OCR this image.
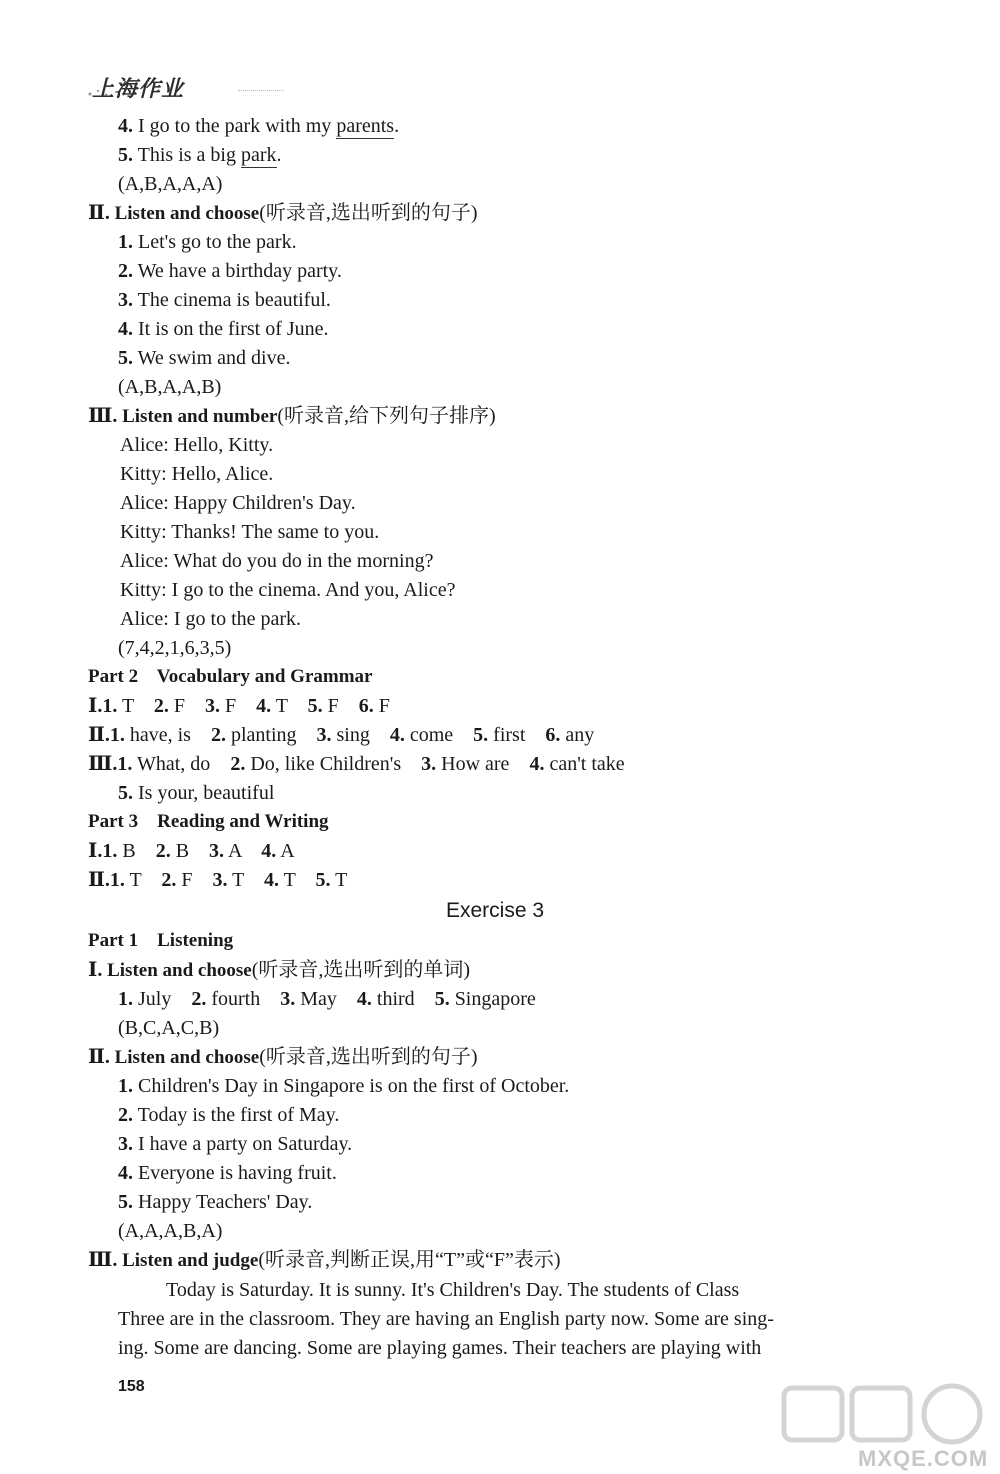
上海作业
4. I go to the park with my parents.
5. This is a big park.
(A,B,A,A,A)
Ⅱ. Listen and choose(听录音,选出听到的句子)
1. Let's go to the park.
2. We have a birthday party.
3. The cinema is beautiful.
4. It is on the first of June.
5. We swim and dive.
(A,B,A,A,B)
Ⅲ. Listen and number(听录音,给下列句子排序)
Alice: Hello, Kitty.
Kitty: Hello, Alice.
Alice: Happy Children's Day.
Kitty: Thanks! The same to you.
Alice: What do you do in the morning?
Kitty: I go to the cinema. And you, Alice?
Alice: I go to the park.
(7,4,2,1,6,3,5)
Part 2    Vocabulary and Grammar
Ⅰ.1. T    2. F    3. F    4. T    5. F    6. F
Ⅱ.1. have, is    2. planting    3. sing    4. come    5. first    6. any
Ⅲ.1. What, do    2. Do, like Children's    3. How are    4. can't take
5. Is your, beautiful
Part 3    Reading and Writing
Ⅰ.1. B    2. B    3. A    4. A
Ⅱ.1. T    2. F    3. T    4. T    5. T
Exercise 3
Part 1    Listening
Ⅰ. Listen and choose(听录音,选出听到的单词)
1. July    2. fourth    3. May    4. third    5. Singapore
(B,C,A,C,B)
Ⅱ. Listen and choose(听录音,选出听到的句子)
1. Children's Day in Singapore is on the first of October.
2. Today is the first of May.
3. I have a party on Saturday.
4. Everyone is having fruit.
5. Happy Teachers' Day.
(A,A,A,B,A)
Ⅲ. Listen and judge(听录音,判断正误,用“T”或“F”表示)
Today is Saturday. It is sunny. It's Children's Day. The students of Class
Three are in the classroom. They are having an English party now. Some are sing-
ing. Some are dancing. Some are playing games. Their teachers are playing with
158
MXQE.COM
